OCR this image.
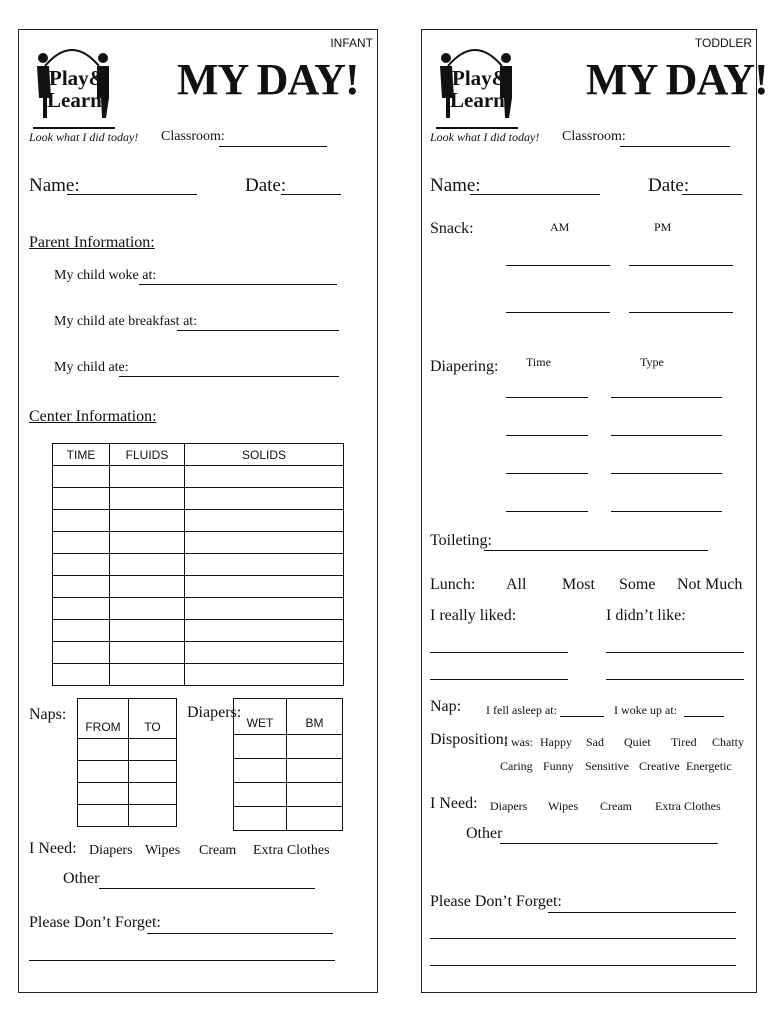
INFANT
Play&
Learn MY DAY!
Look what I did today! Classroom:
Name:	Date:
Parent Information:
My child woke at:
My child ate breakfast at:
My child ate:
Center Information:
TIME	FLUIDS	SOLIDS

Naps:
FROM	TO

Diapers:
WET	BM

I Need: Diapers Wipes Cream Extra Clothes
Other
Please Don’t Forget:
TODDLER
Play&
Learn MY DAY!
Look what I did today! Classroom:
Name:	Date:
Snack:	AM	PM
Diapering: Time	Type
Toileting:
Lunch: All Most Some Not Much
I really liked:	I didn’t like:
Nap: I fell asleep at:	I woke up at:
Disposition:
I was: Happy Sad Quiet Tired Chatty
Caring Funny Sensitive Creative Energetic
I Need: Diapers Wipes Cream Extra Clothes
Other
Please Don’t Forget:
